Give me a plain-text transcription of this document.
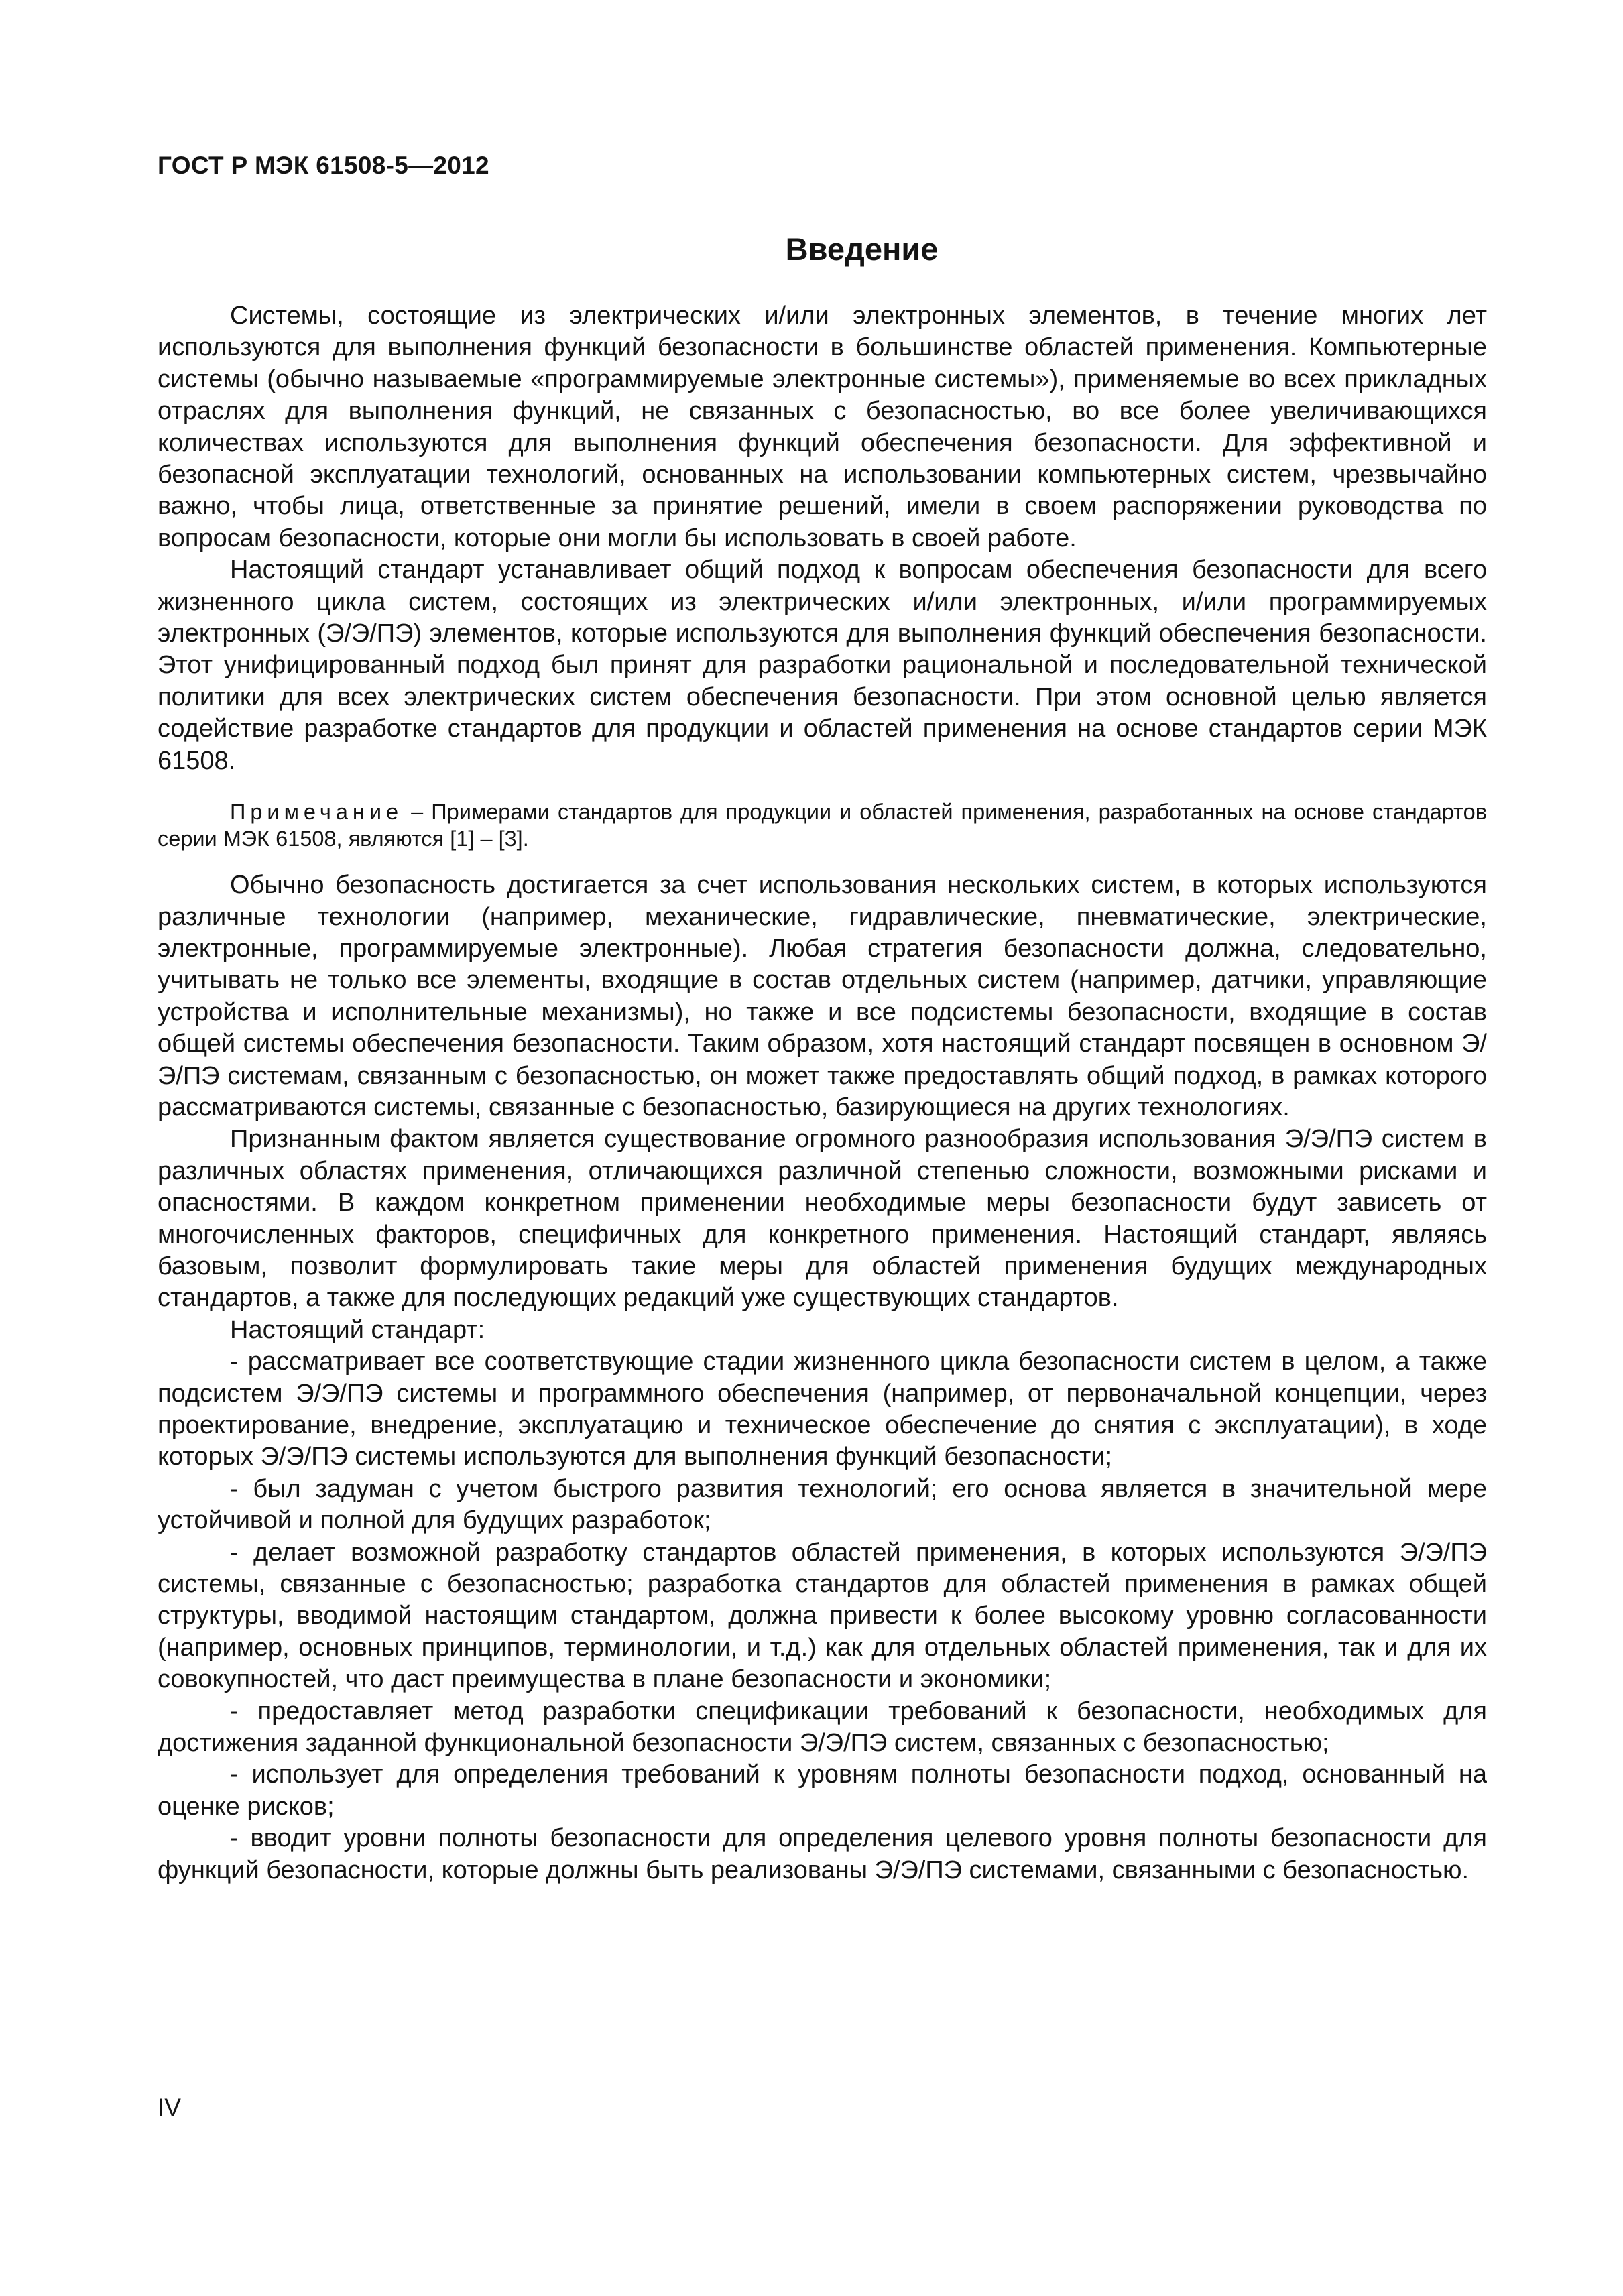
ГОСТ Р МЭК 61508-5—2012

Введение

Системы, состоящие из электрических и/или электронных элементов, в течение многих лет используются для выполнения функций безопасности в большинстве областей применения. Компьютерные системы (обычно называемые «программируемые электронные системы»), применяемые во всех прикладных отраслях для выполнения функций, не связанных с безопасностью, во все более увеличивающихся количествах используются для выполнения функций обеспечения безопасности. Для эффективной и безопасной эксплуатации технологий, основанных на использовании компьютерных систем, чрезвычайно важно, чтобы лица, ответственные за принятие решений, имели в своем распоряжении руководства по вопросам безопасности, которые они могли бы использовать в своей работе.

Настоящий стандарт устанавливает общий подход к вопросам обеспечения безопасности для всего жизненного цикла систем, состоящих из электрических и/или электронных, и/или программируемых электронных (Э/Э/ПЭ) элементов, которые используются для выполнения функций обеспечения безопасности. Этот унифицированный подход был принят для разработки рациональной и последовательной технической политики для всех электрических систем обеспечения безопасности. При этом основной целью является содействие разработке стандартов для продукции и областей применения на основе стандартов серии МЭК 61508.

Примечание – Примерами стандартов для продукции и областей применения, разработанных на основе стандартов серии МЭК 61508, являются [1] – [3].

Обычно безопасность достигается за счет использования нескольких систем, в которых используются различные технологии (например, механические, гидравлические, пневматические, электрические, электронные, программируемые электронные). Любая стратегия безопасности должна, следовательно, учитывать не только все элементы, входящие в состав отдельных систем (например, датчики, управляющие устройства и исполнительные механизмы), но также и все подсистемы безопасности, входящие в состав общей системы обеспечения безопасности. Таким образом, хотя настоящий стандарт посвящен в основном Э/Э/ПЭ системам, связанным с безопасностью, он может также предоставлять общий подход, в рамках которого рассматриваются системы, связанные с безопасностью, базирующиеся на других технологиях.

Признанным фактом является существование огромного разнообразия использования Э/Э/ПЭ систем в различных областях применения, отличающихся различной степенью сложности, возможными рисками и опасностями. В каждом конкретном применении необходимые меры безопасности будут зависеть от многочисленных факторов, специфичных для конкретного применения. Настоящий стандарт, являясь базовым, позволит формулировать такие меры для областей применения будущих международных стандартов, а также для последующих редакций уже существующих стандартов.

Настоящий стандарт:

- рассматривает все соответствующие стадии жизненного цикла безопасности систем в целом, а также подсистем Э/Э/ПЭ системы и программного обеспечения (например, от первоначальной концепции, через проектирование, внедрение, эксплуатацию и техническое обеспечение до снятия с эксплуатации), в ходе которых Э/Э/ПЭ системы используются для выполнения функций безопасности;

- был задуман с учетом быстрого развития технологий; его основа является в значительной мере устойчивой и полной для будущих разработок;

- делает возможной разработку стандартов областей применения, в которых используются Э/Э/ПЭ системы, связанные с безопасностью; разработка стандартов для областей применения в рамках общей структуры, вводимой настоящим стандартом, должна привести к более высокому уровню согласованности (например, основных принципов, терминологии, и т.д.) как для отдельных областей применения, так и для их совокупностей, что даст преимущества в плане безопасности и экономики;

- предоставляет метод разработки спецификации требований к безопасности, необходимых для достижения заданной функциональной безопасности Э/Э/ПЭ систем, связанных с безопасностью;

- использует для определения требований к уровням полноты безопасности подход, основанный на оценке рисков;

- вводит уровни полноты безопасности для определения целевого уровня полноты безопасности для функций безопасности, которые должны быть реализованы Э/Э/ПЭ системами, связанными с безопасностью.

IV
